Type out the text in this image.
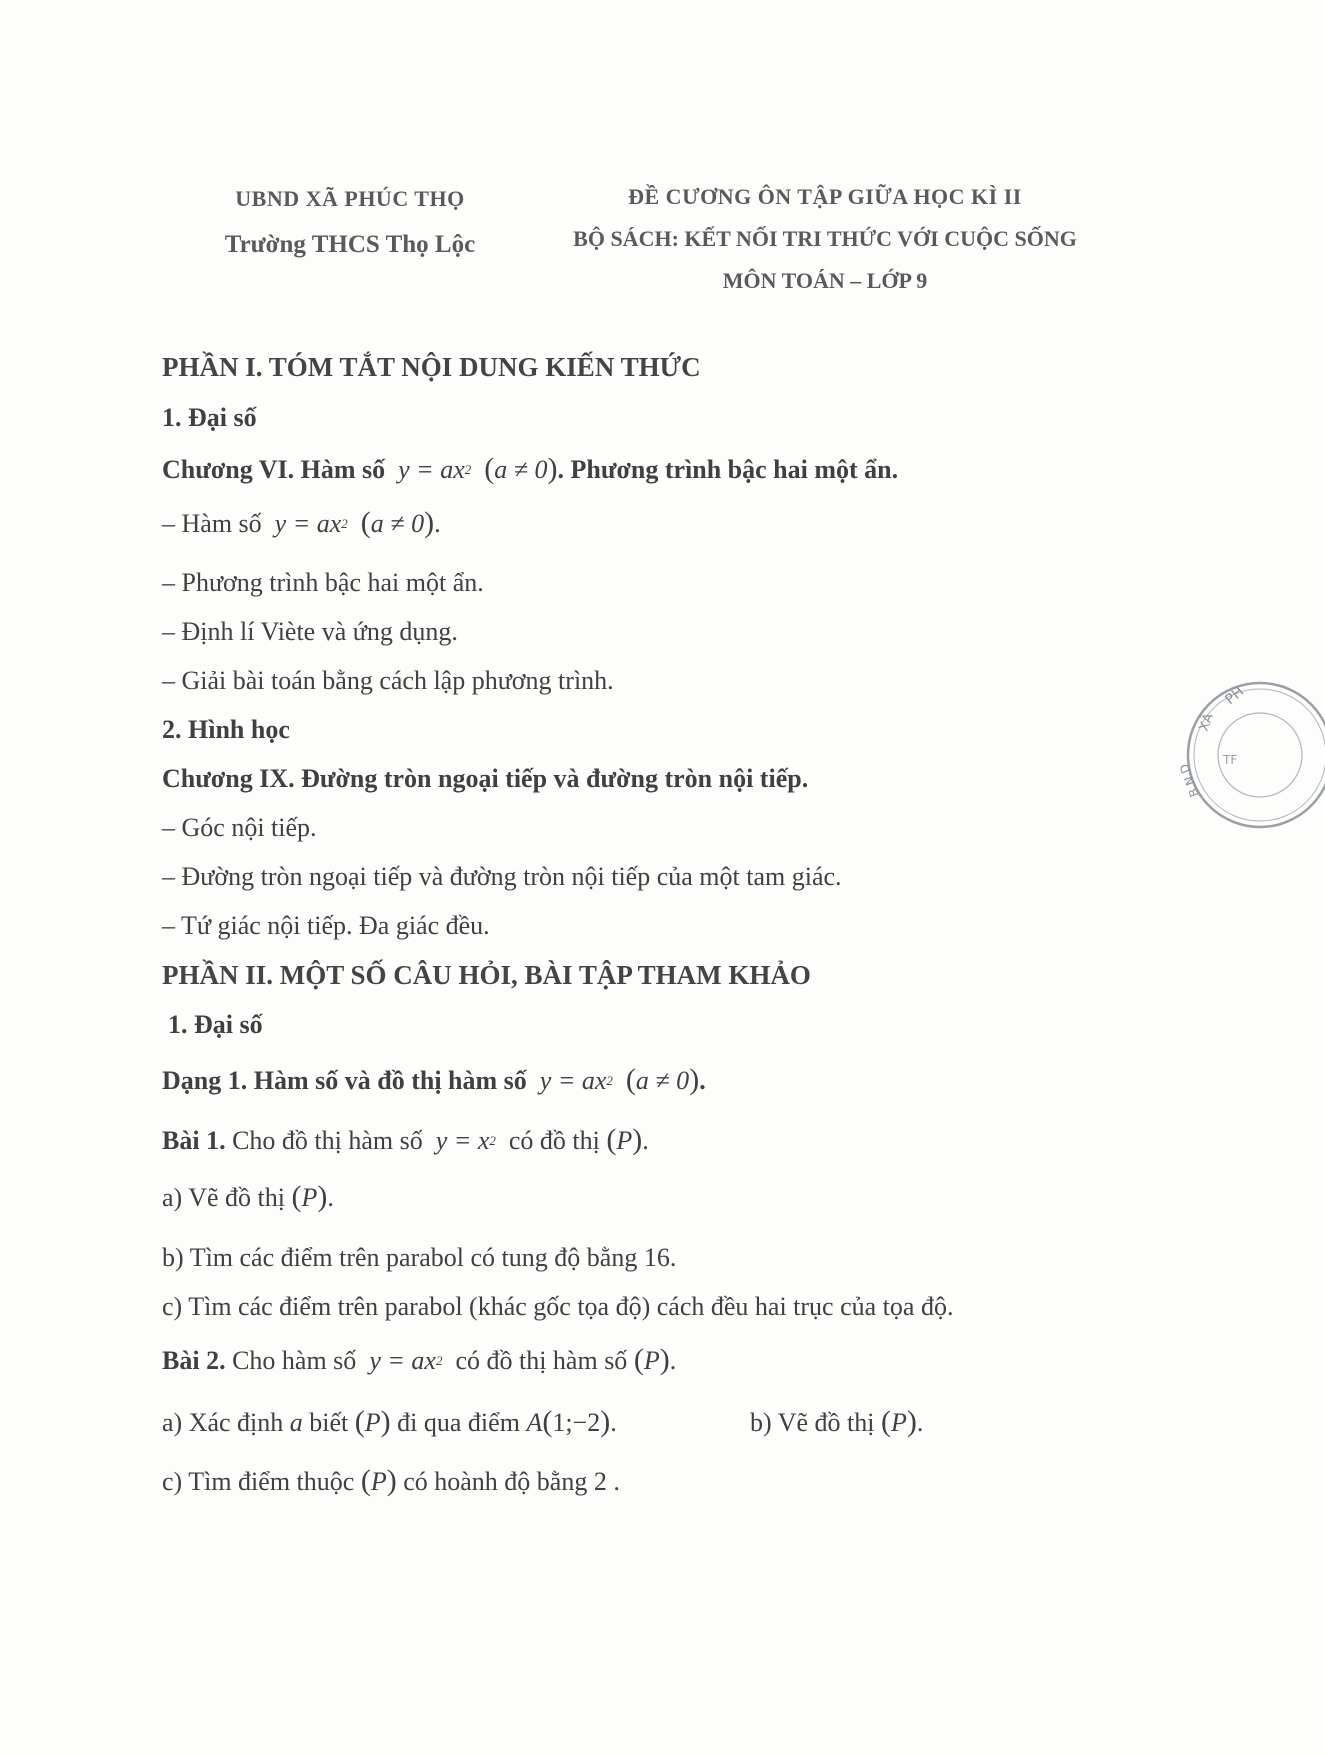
UBND XÃ PHÚC THỌ
Trường THCS Thọ Lộc
ĐỀ CƯƠNG ÔN TẬP GIỮA HỌC KÌ II
BỘ SÁCH: KẾT NỐI TRI THỨC VỚI CUỘC SỐNG
MÔN TOÁN – LỚP 9
PHẦN I. TÓM TẮT NỘI DUNG KIẾN THỨC
1. Đại số
Chương VI. Hàm số $y = ax^2$ (a ≠ 0). Phương trình bậc hai một ẩn.
– Hàm số $y = ax^2$ (a ≠ 0).
– Phương trình bậc hai một ẩn.
– Định lí Viète và ứng dụng.
– Giải bài toán bằng cách lập phương trình.
2. Hình học
Chương IX. Đường tròn ngoại tiếp và đường tròn nội tiếp.
– Góc nội tiếp.
– Đường tròn ngoại tiếp và đường tròn nội tiếp của một tam giác.
– Tứ giác nội tiếp. Đa giác đều.
PHẦN II. MỘT SỐ CÂU HỎI, BÀI TẬP THAM KHẢO
1. Đại số
Dạng 1. Hàm số và đồ thị hàm số $y = ax^2$ (a ≠ 0).
Bài 1. Cho đồ thị hàm số $y = x^2$ có đồ thị (P).
a) Vẽ đồ thị (P).
b) Tìm các điểm trên parabol có tung độ bằng 16.
c) Tìm các điểm trên parabol (khác gốc tọa độ) cách đều hai trục của tọa độ.
Bài 2. Cho hàm số $y = ax^2$ có đồ thị hàm số (P).
a) Xác định a biết (P) đi qua điểm A(1;−2).	b) Vẽ đồ thị (P).
c) Tìm điểm thuộc (P) có hoành độ bằng 2 .
PH
XÃ
B.N.D
TF
